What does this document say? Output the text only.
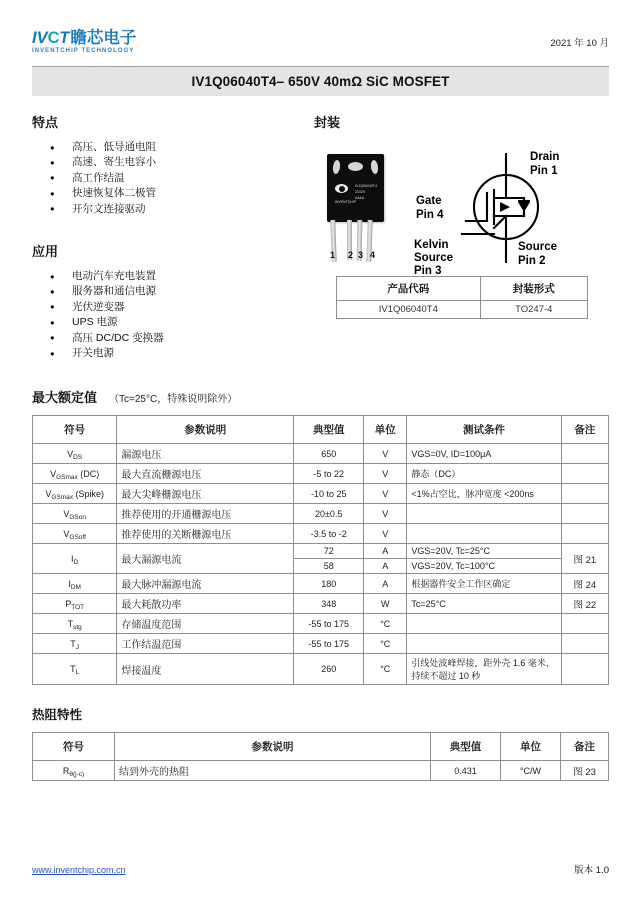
IVCT瞻芯电子
INVENTCHIP TECHNOLOGY
2021 年 10 月
IV1Q06040T4– 650V 40mΩ SiC MOSFET
特点
● 高压、低导通电阻
● 高速、寄生电容小
● 高工作结温
● 快速恢复体二极管
● 开尔文连接驱动
应用
● 电动汽车充电装置
● 服务器和通信电源
● 光伏逆变器
● UPS 电源
● 高压 DC/DC 变换器
● 开关电源
封装
IV1Q06040T4
2102X
AAAA
INVENTCHIP
1 2 3 4
Drain
Pin 1
Gate
Pin 4
Kelvin
Source
Pin 3
Source
Pin 2
产品代码	封装形式
IV1Q06040T4	TO247-4
最大额定值 （Tc=25°C，特殊说明除外）
符号	参数说明	典型值	单位	测试条件	备注
$V_{DS}$	漏源电压	650	V	VGS=0V, ID=100μA	
$V_{GSmax}$ (DC)	最大直流栅源电压	-5 to 22	V	静态（DC）	
$V_{GSmax}$ (Spike)	最大尖峰栅源电压	-10 to 25	V	<1%占空比，脉冲宽度 <200ns	
$V_{GSon}$	推荐使用的开通栅源电压	20±0.5	V		
$V_{GSoff}$	推荐使用的关断栅源电压	-3.5 to -2	V		
$I_D$	最大漏源电流	72	A	VGS=20V, Tc=25°C	图 21
		58	A	VGS=20V, Tc=100°C	
$I_{DM}$	最大脉冲漏源电流	180	A	根据器件安全工作区确定	图 24
$P_{TOT}$	最大耗散功率	348	W	Tc=25°C	图 22
$T_{stg}$	存储温度范围	-55 to 175	°C		
$T_J$	工作结温范围	-55 to 175	°C		
$T_L$	焊接温度	260	°C	引线处波峰焊接，距外壳 1.6 毫米，持续不超过 10 秒	
热阻特性
符号	参数说明	典型值	单位	备注
$R_{\theta(j-c)}$	结到外壳的热阻	0.431	°C/W	图 23
www.inventchip.com.cn	版本 1.0
